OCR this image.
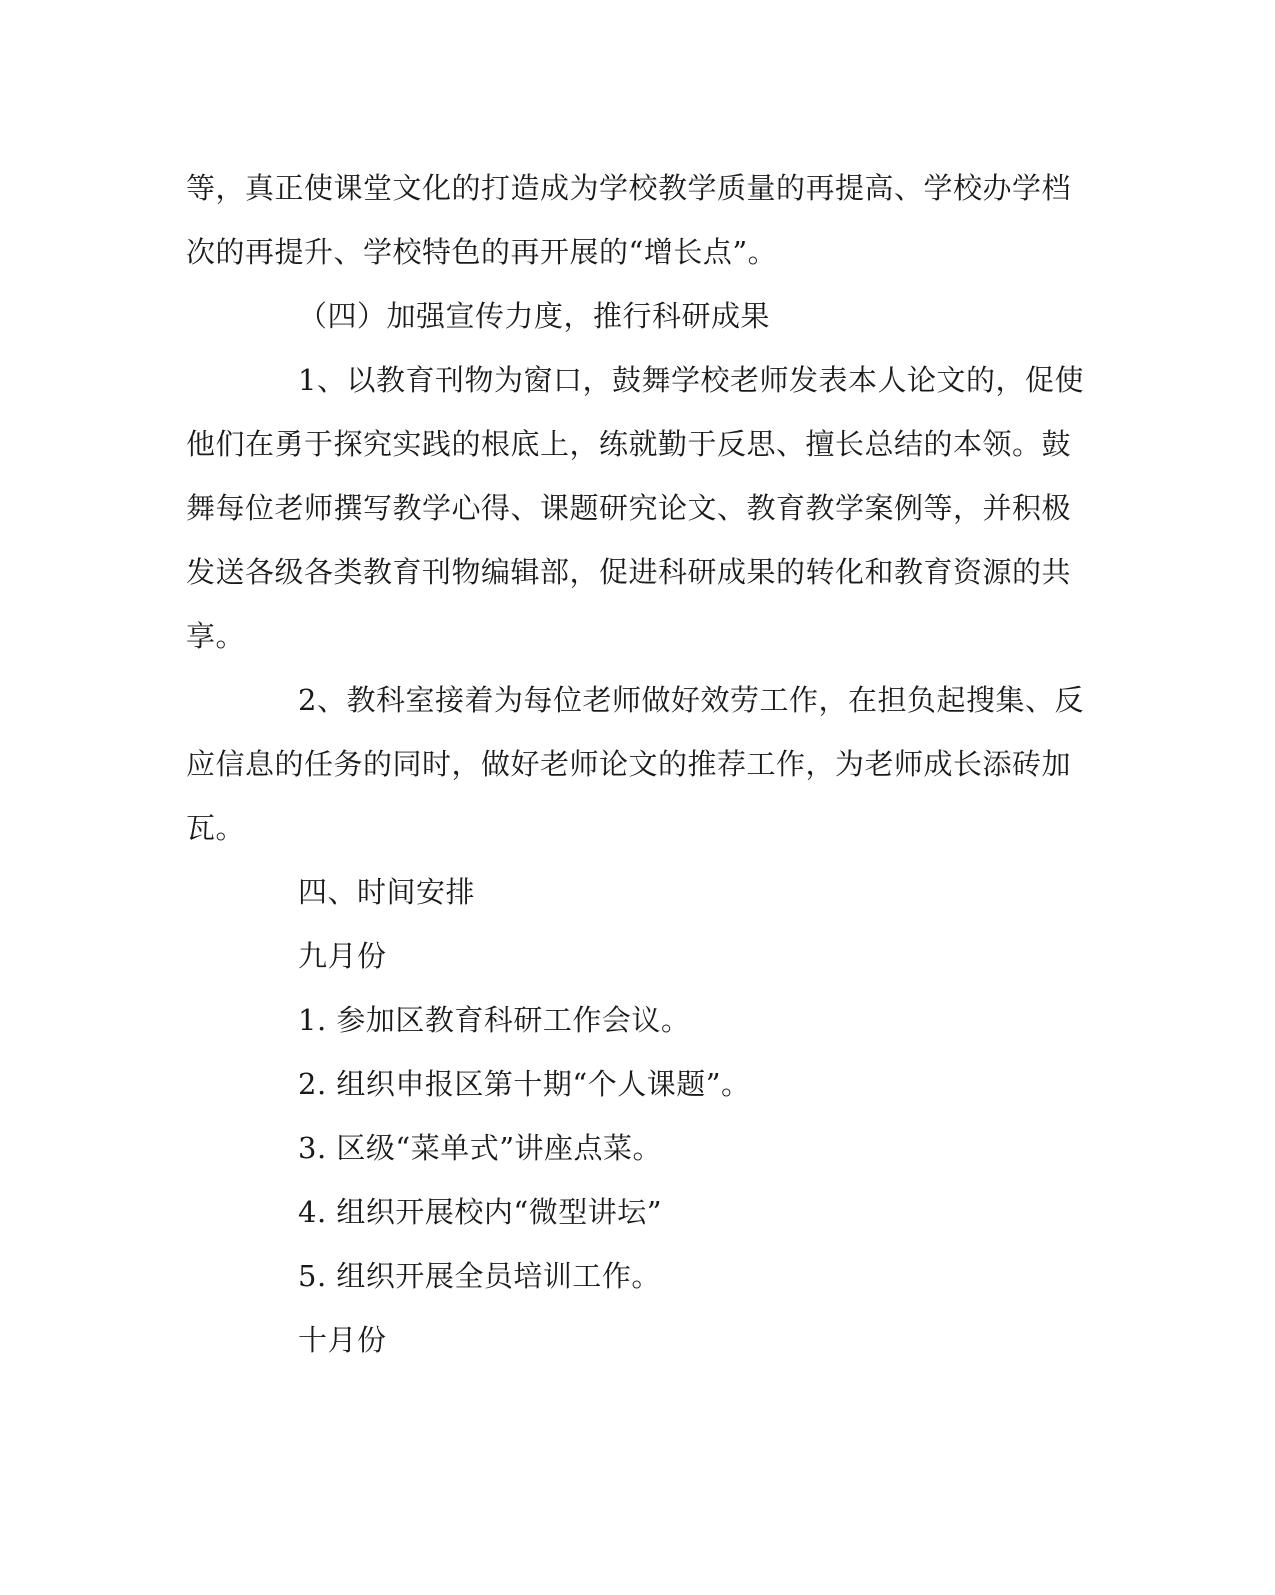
等，真正使课堂文化的打造成为学校教学质量的再提高、学校办学档
次的再提升、学校特色的再开展的“增长点”。
（四）加强宣传力度，推行科研成果
1、以教育刊物为窗口，鼓舞学校老师发表本人论文的，促使
他们在勇于探究实践的根底上，练就勤于反思、擅长总结的本领。鼓
舞每位老师撰写教学心得、课题研究论文、教育教学案例等，并积极
发送各级各类教育刊物编辑部，促进科研成果的转化和教育资源的共
享。
2、教科室接着为每位老师做好效劳工作，在担负起搜集、反
应信息的任务的同时，做好老师论文的推荐工作，为老师成长添砖加
瓦。
四、时间安排
九月份
1. 参加区教育科研工作会议。
2. 组织申报区第十期“个人课题”。
3. 区级“菜单式”讲座点菜。
4. 组织开展校内“微型讲坛”
5. 组织开展全员培训工作。
十月份
